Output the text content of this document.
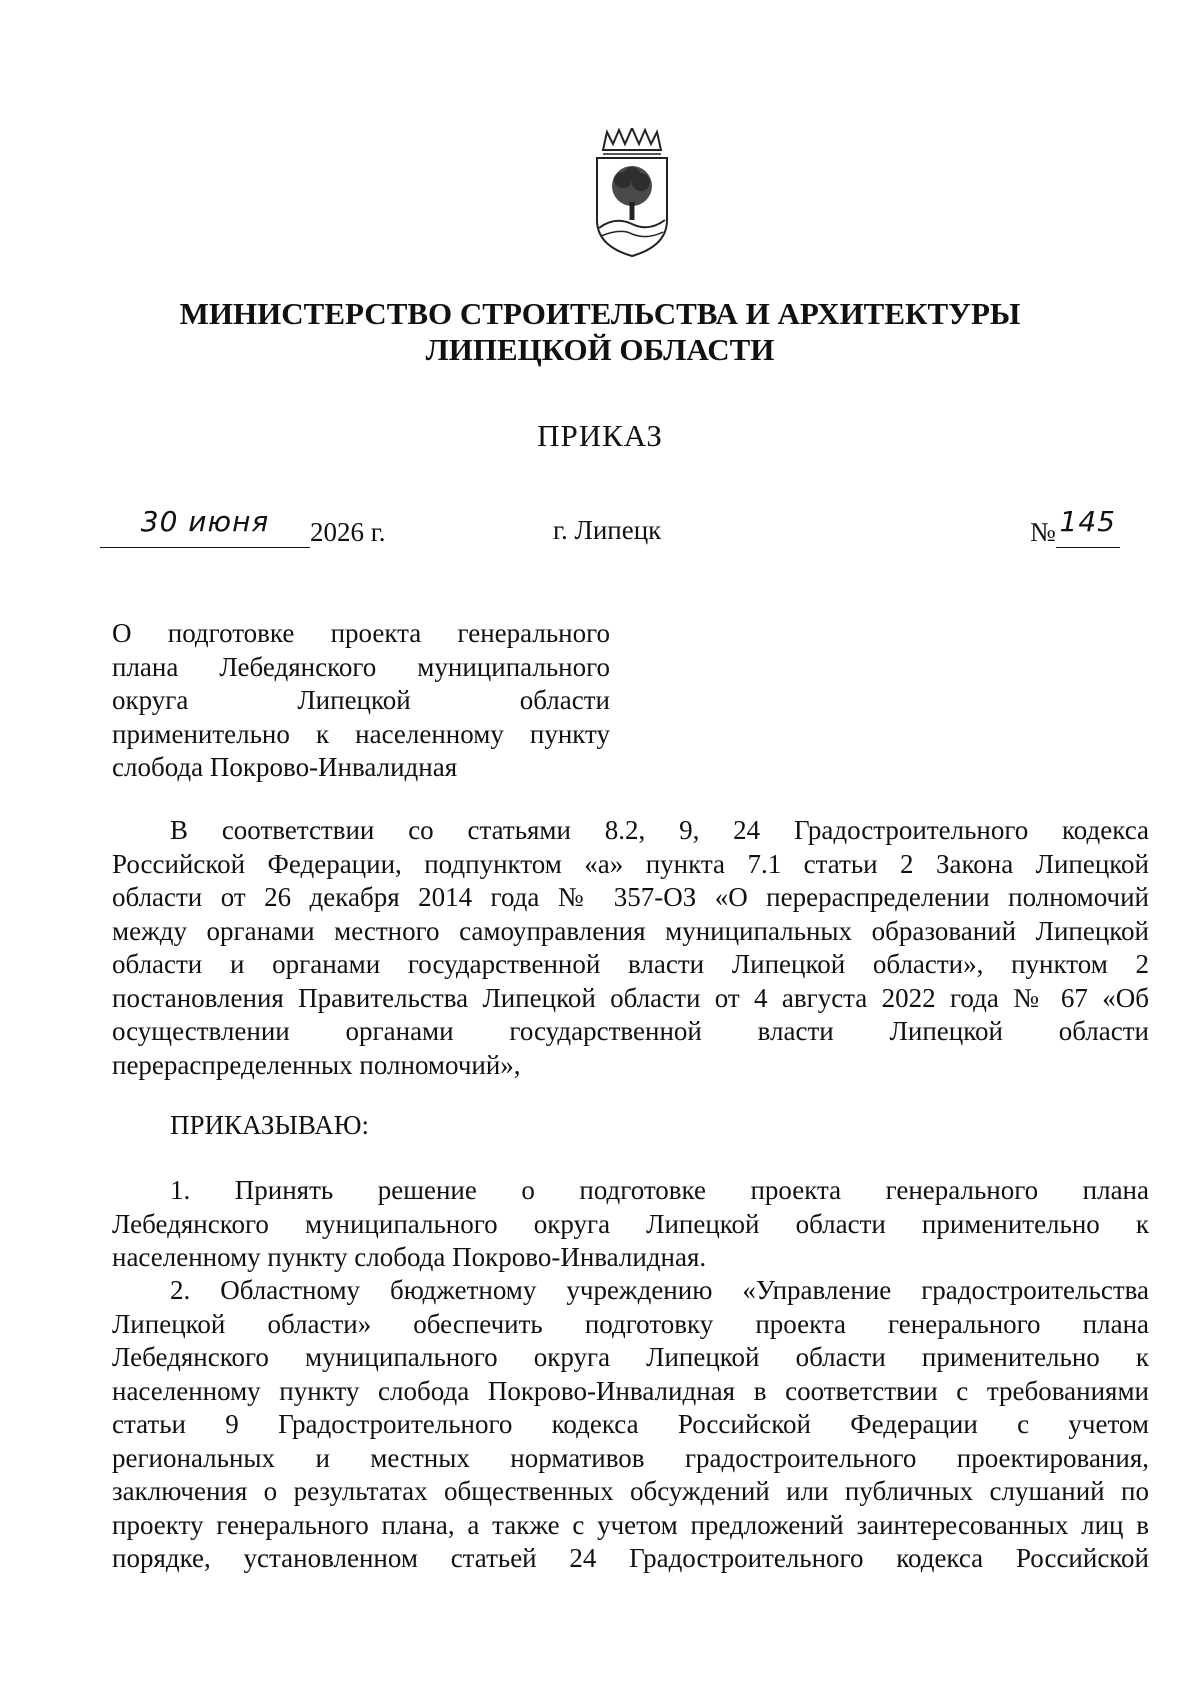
МИНИСТЕРСТВО СТРОИТЕЛЬСТВА И АРХИТЕКТУРЫ
ЛИПЕЦКОЙ ОБЛАСТИ
ПРИКАЗ
30 июня 2026 г.	г. Липецк	№ 145
О подготовке проекта генерального
плана Лебедянского муниципального
округа Липецкой области
применительно к населенному пункту
слобода Покрово-Инвалидная
В соответствии со статьями 8.2, 9, 24 Градостроительного кодекса
Российской Федерации, подпунктом «а» пункта 7.1 статьи 2 Закона Липецкой
области от 26 декабря 2014 года № 357-ОЗ «О перераспределении полномочий
между органами местного самоуправления муниципальных образований Липецкой
области и органами государственной власти Липецкой области», пунктом 2
постановления Правительства Липецкой области от 4 августа 2022 года № 67 «Об
осуществлении органами государственной власти Липецкой области
перераспределенных полномочий»,
ПРИКАЗЫВАЮ:
1. Принять решение о подготовке проекта генерального плана
Лебедянского муниципального округа Липецкой области применительно к
населенному пункту слобода Покрово-Инвалидная.
2. Областному бюджетному учреждению «Управление градостроительства
Липецкой области» обеспечить подготовку проекта генерального плана
Лебедянского муниципального округа Липецкой области применительно к
населенному пункту слобода Покрово-Инвалидная в соответствии с требованиями
статьи 9 Градостроительного кодекса Российской Федерации с учетом
региональных и местных нормативов градостроительного проектирования,
заключения о результатах общественных обсуждений или публичных слушаний по
проекту генерального плана, а также с учетом предложений заинтересованных лиц в
порядке, установленном статьей 24 Градостроительного кодекса Российской
